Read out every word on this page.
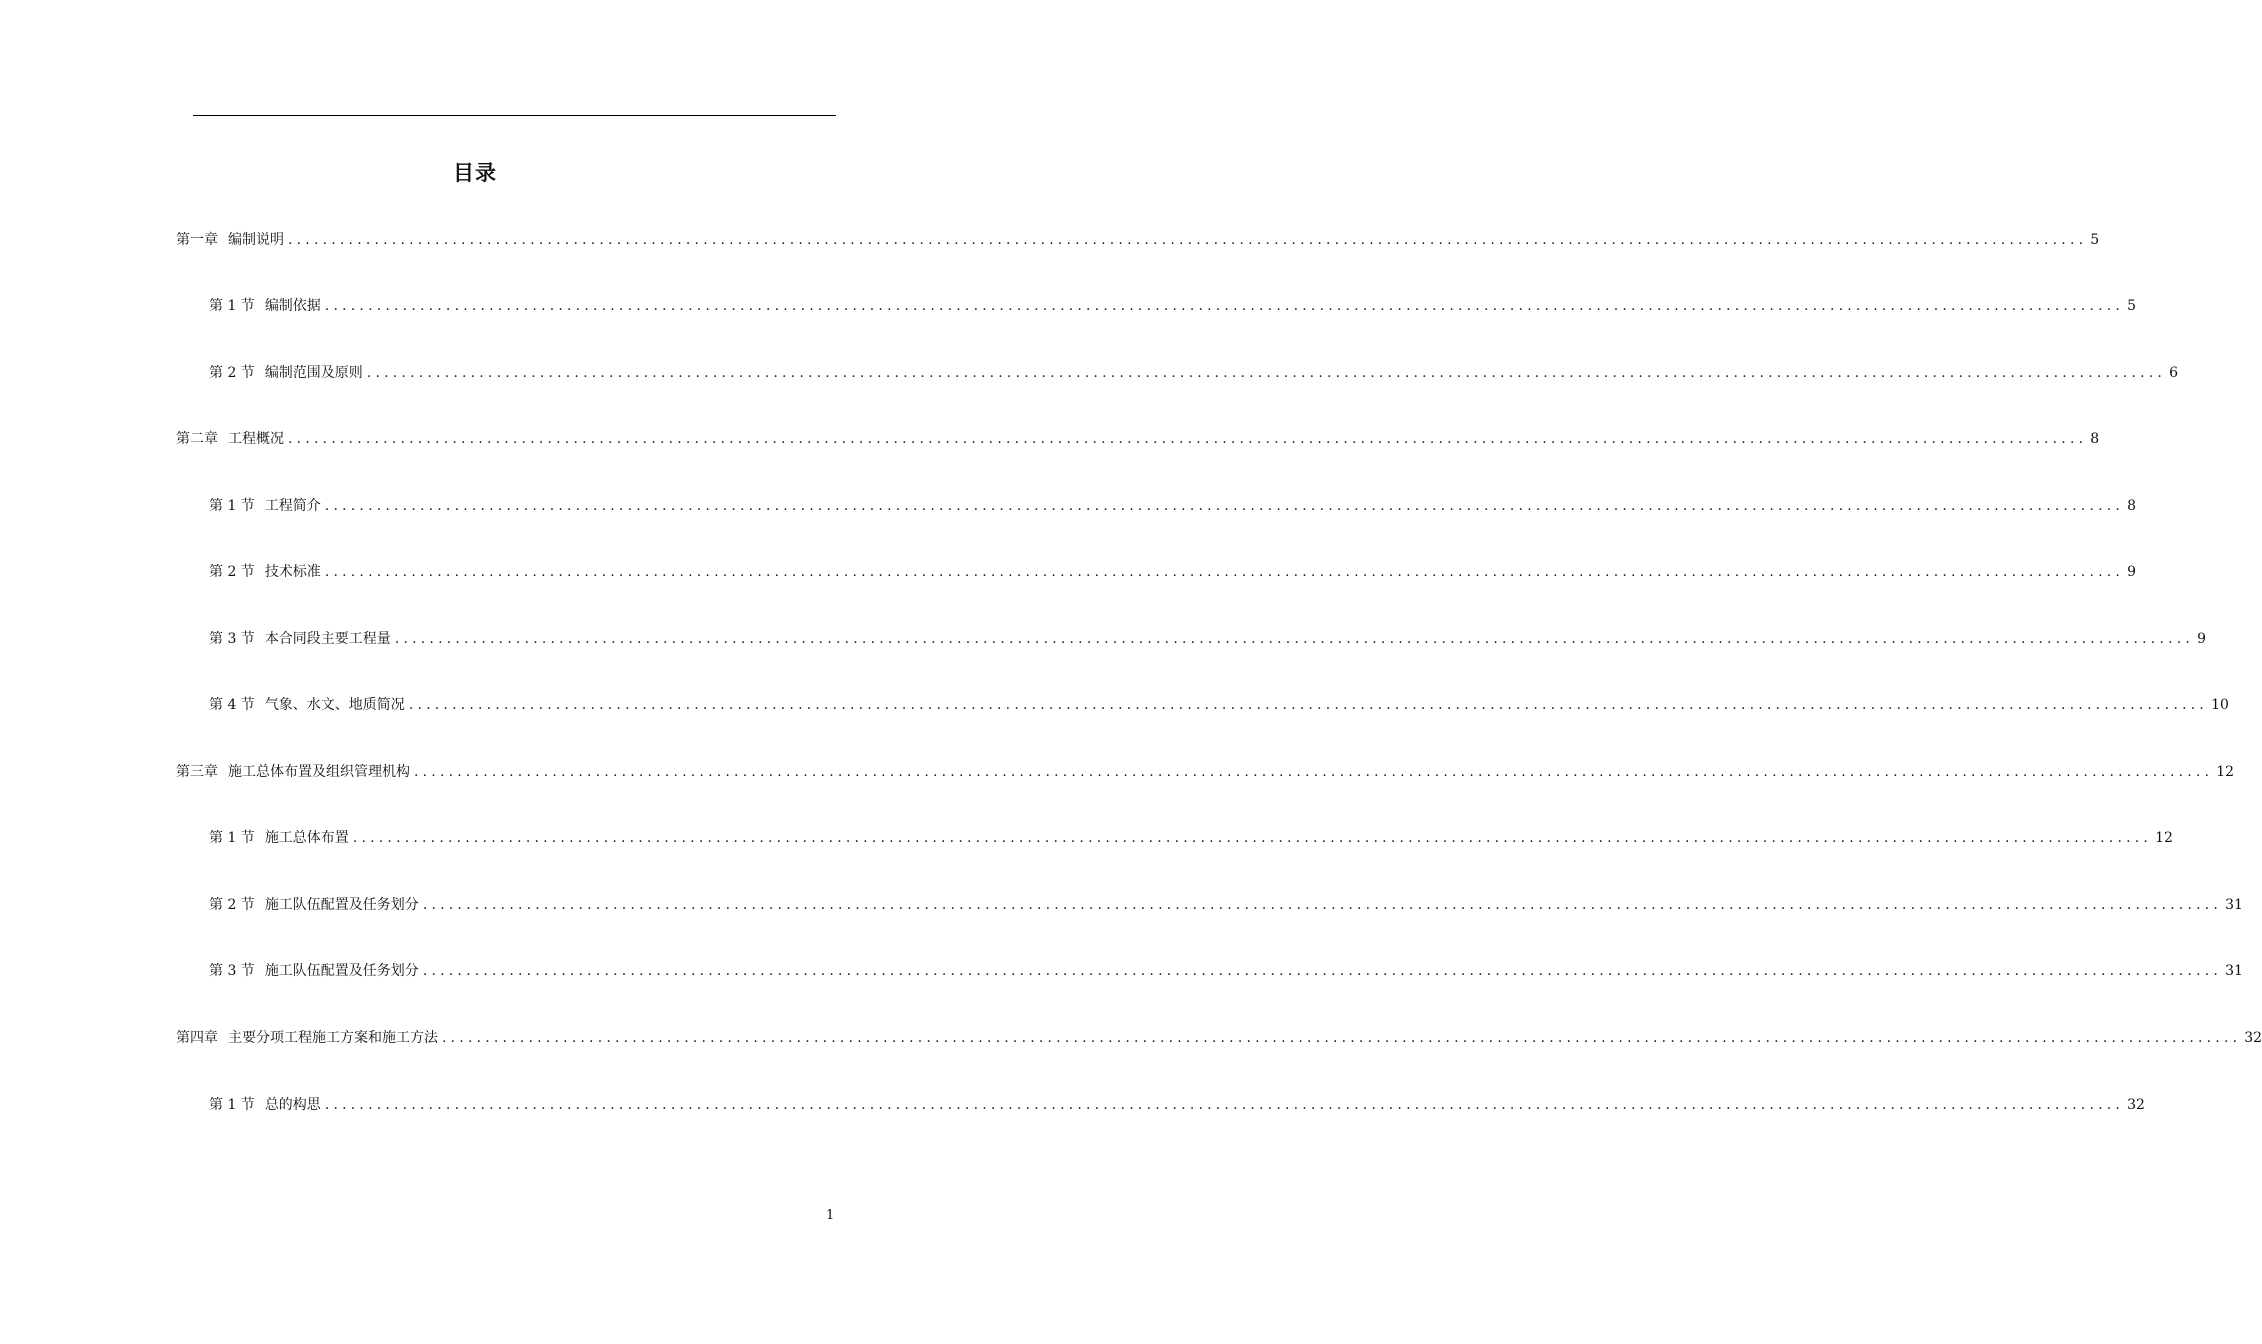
目录
第一章 编制说明 ................................................................................................................................................................................................................ 5
第 1 节 编制依据 ................................................................................................................................................................................................................ 5
第 2 节 编制范围及原则 ................................................................................................................................................................................................................ 6
第二章 工程概况 ................................................................................................................................................................................................................ 8
第 1 节 工程简介 ................................................................................................................................................................................................................ 8
第 2 节 技术标准 ................................................................................................................................................................................................................ 9
第 3 节 本合同段主要工程量 ................................................................................................................................................................................................................ 9
第 4 节 气象、水文、地质简况 ................................................................................................................................................................................................................ 10
第三章 施工总体布置及组织管理机构 ................................................................................................................................................................................................................ 12
第 1 节 施工总体布置 ................................................................................................................................................................................................................ 12
第 2 节 施工队伍配置及任务划分 ................................................................................................................................................................................................................ 31
第 3 节 施工队伍配置及任务划分 ................................................................................................................................................................................................................ 31
第四章 主要分项工程施工方案和施工方法 ................................................................................................................................................................................................................ 32
第 1 节 总的构思 ................................................................................................................................................................................................................ 32
1
